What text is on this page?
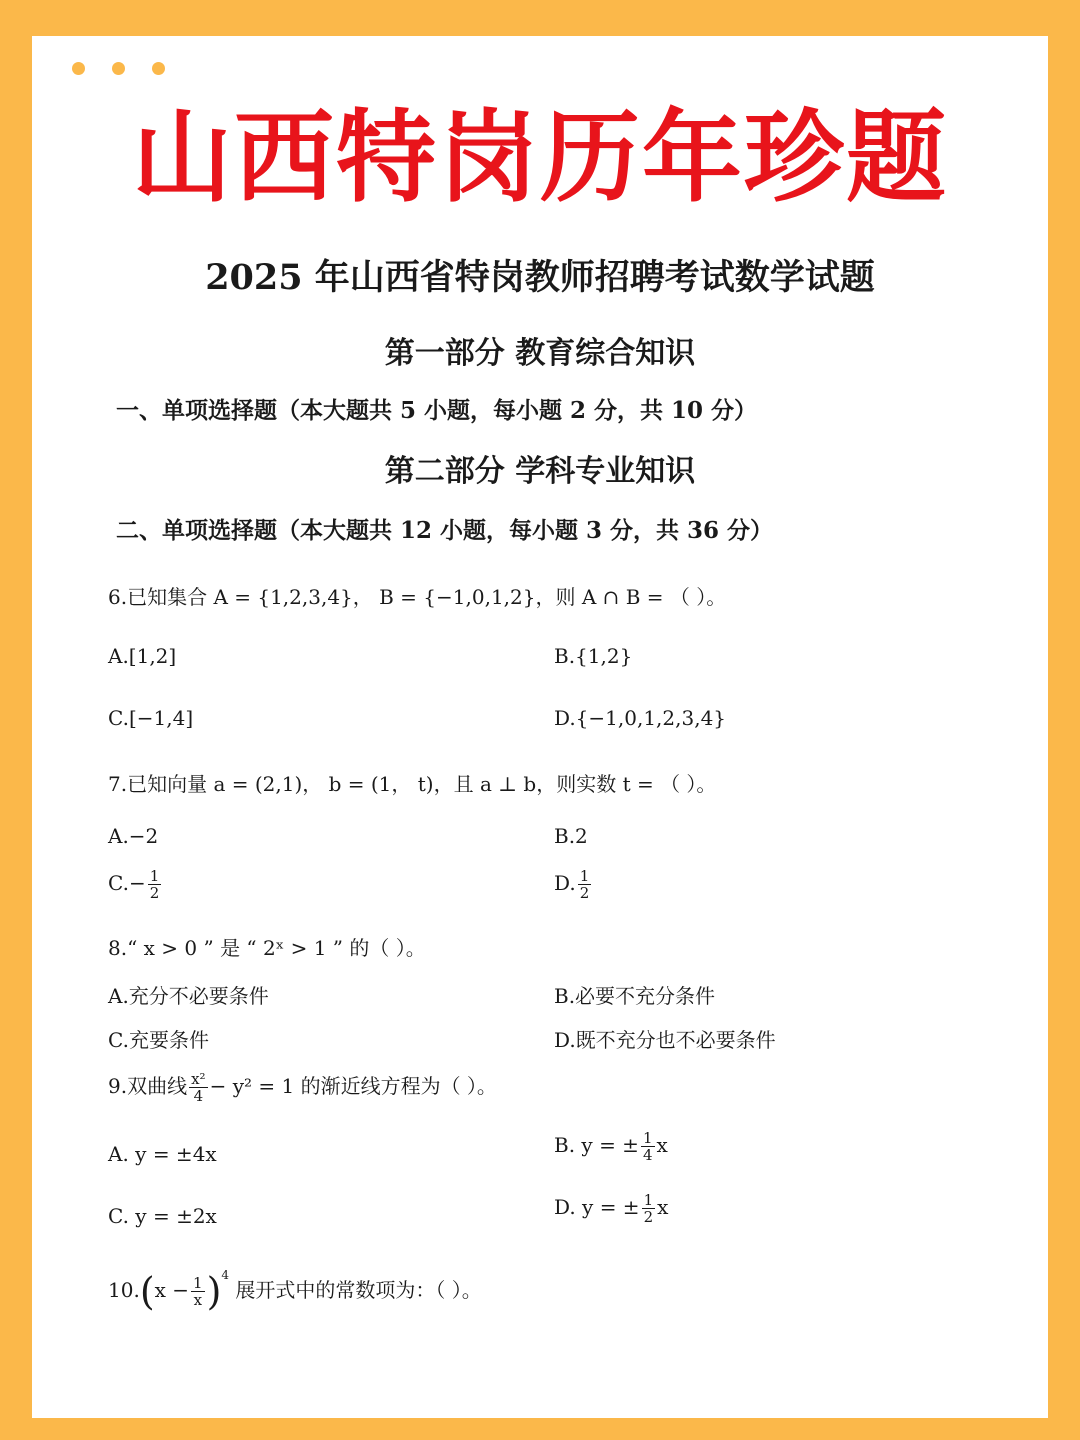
山西特岗历年珍题
2025 年山西省特岗教师招聘考试数学试题
第一部分 教育综合知识
一、单项选择题（本大题共 5 小题，每小题 2 分，共 10 分）
第二部分 学科专业知识
二、单项选择题（本大题共 12 小题，每小题 3 分，共 36 分）
6.已知集合 A = {1,2,3,4}， B = {−1,0,1,2}，则 A ∩ B = （ ）。
A.[1,2]	B.{1,2}
C.[−1,4]	D.{−1,0,1,2,3,4}
7.已知向量 a = (2,1)， b = (1， t)，且 a ⊥ b，则实数 t = （ ）。
A.−2	B.2
$C.- \frac{1}{2}$	D. $\frac{1}{2}$
8.“ x > 0 ” 是 “ 2ˣ > 1 ” 的（ ）。
A.充分不必要条件	B.必要不充分条件
C.充要条件	D.既不充分也不必要条件
9.双曲线 $\frac{\text{x²}}{4} - y^2 = 1$ 的渐近线方程为（ ）。
A. y = ±4x	B. y = ± $\frac{1}{4}$ x
C. y = ±2x	D. y = ± $\frac{1}{2}$ x
$10.(x - \frac{1}{x} )^4$ 展开式中的常数项为：（ ）。
